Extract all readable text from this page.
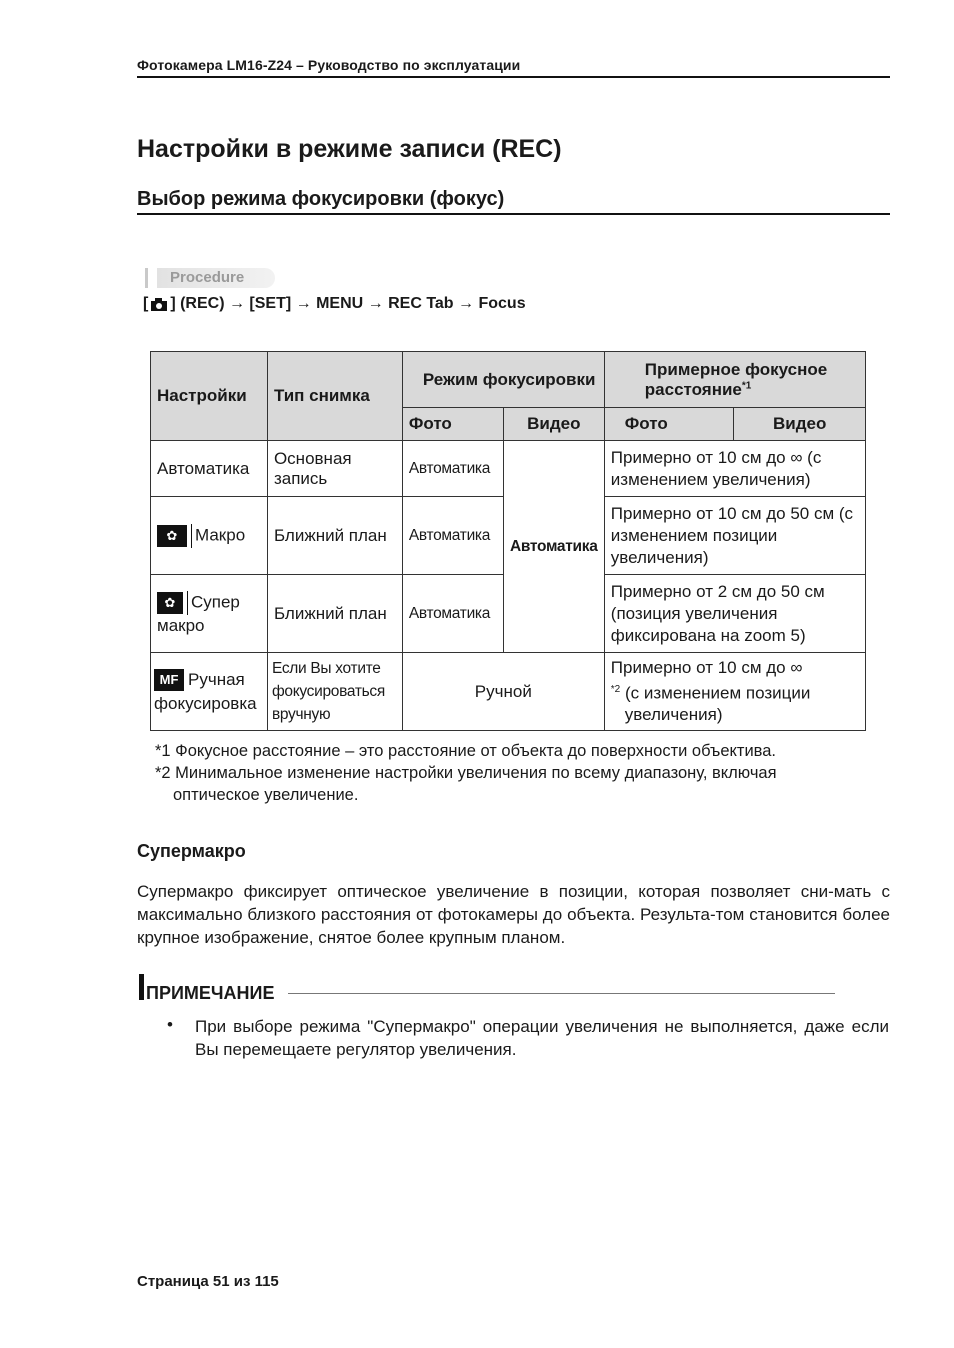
Фотокамера LM16-Z24 – Руководство по эксплуатации
Настройки в режиме записи (REC)
Выбор режима фокусировки (фокус)
Procedure
[ ] (REC) → [SET] → MENU → REC Tab → Focus
Настройки	Тип снимка	Режим фокусировки		Примерное фокусное расстояние$^{*1}$
		Фото	Видео	Фото	Видео
Автоматика	Основная запись	Автоматика	Автоматика	Примерно от 10 см до ∞ (с изменением увеличения)	
✿ Макро	Ближний план	Автоматика		Примерно от 10 см до 50 см (с изменением позиции увеличения)	
✿ Супер макро	Ближний план	Автоматика		Примерно от 2 см до 50 см (позиция увеличения фиксирована на zoom 5)	
MF Ручная фокусировка	Если Вы хотите фокусироваться вручную	Ручной		Примерно от 10 см до ∞
$^{*2}$ (с изменением позиции
увеличения)	
*1 Фокусное расстояние – это расстояние от объекта до поверхности объектива.
*2 Минимальное изменение настройки увеличения по всему диапазону, включая
оптическое увеличение.
Супермакро
Супермакро фиксирует оптическое увеличение в позиции, которая позволяет сни-мать с максимально близкого расстояния от фотокамеры до объекта. Результа-том становится более крупное изображение, снятое более крупным планом.
ПРИМЕЧАНИЕ
• При выборе режима "Супермакро" операции увеличения не выполняется, даже если Вы перемещаете регулятор увеличения.
Страница 51 из 115
